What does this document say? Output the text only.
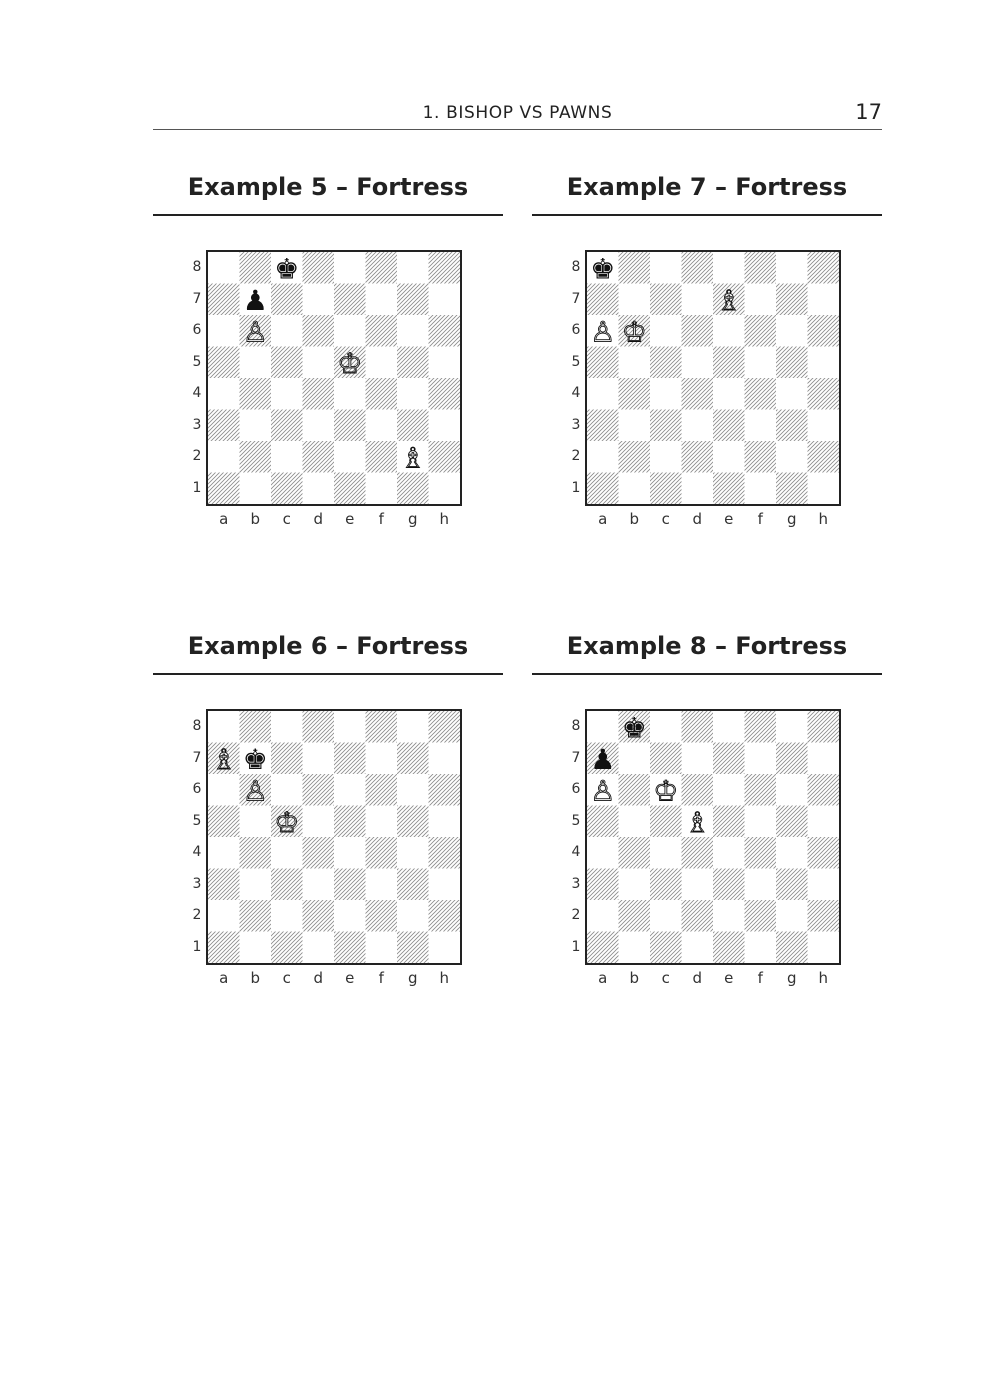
1. BISHOP VS PAWNS	17
Example 5 – Fortress
♚
♟
♙
♔
♗
8
7
6
5
4
3
2
1
a	b	c	d	e	f	g	h
Example 7 – Fortress
♚
♗
♙ ♔
8
7
6
5
4
3
2
1
a	b	c	d	e	f	g	h
Example 6 – Fortress
♗ ♚
♙
♔
8
7
6
5
4
3
2
1
a	b	c	d	e	f	g	h
Example 8 – Fortress
♚
♟
♙ ♔
♗
8
7
6
5
4
3
2
1
a	b	c	d	e	f	g	h
